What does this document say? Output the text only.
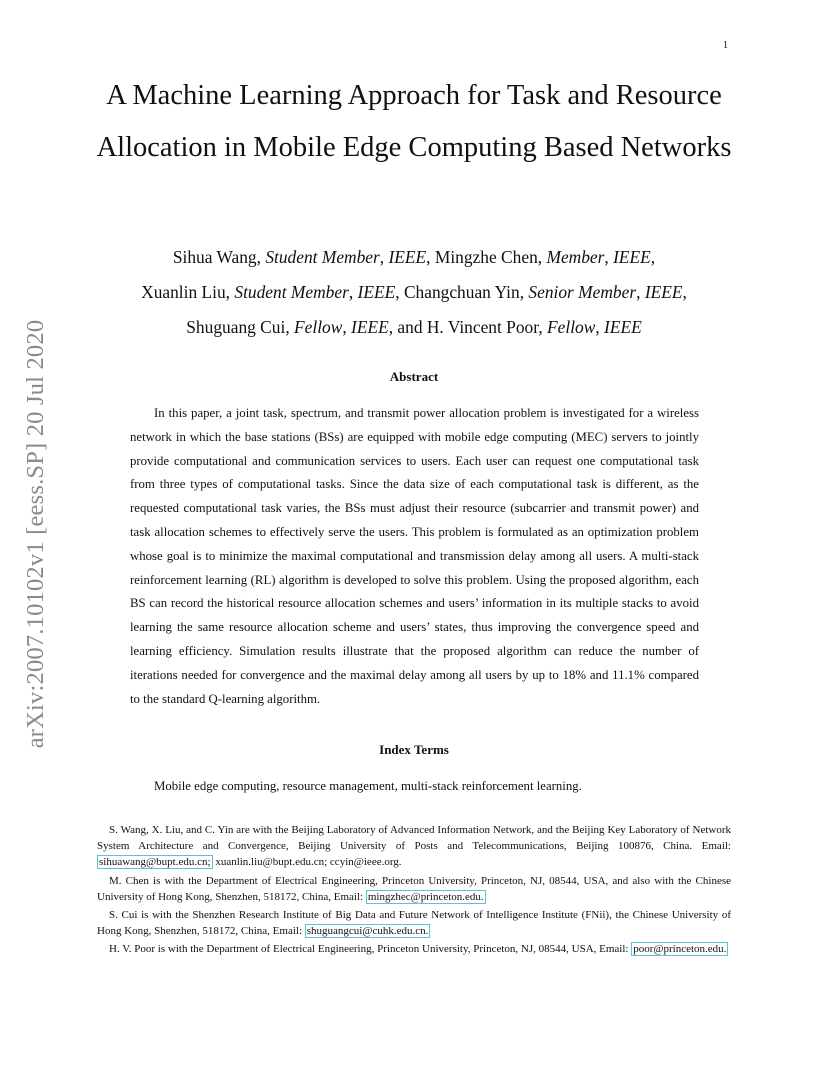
1
arXiv:2007.10102v1 [eess.SP] 20 Jul 2020
A Machine Learning Approach for Task and Resource Allocation in Mobile Edge Computing Based Networks
Sihua Wang, Student Member, IEEE, Mingzhe Chen, Member, IEEE,
Xuanlin Liu, Student Member, IEEE, Changchuan Yin, Senior Member, IEEE,
Shuguang Cui, Fellow, IEEE, and H. Vincent Poor, Fellow, IEEE
Abstract

In this paper, a joint task, spectrum, and transmit power allocation problem is investigated for a wireless network in which the base stations (BSs) are equipped with mobile edge computing (MEC) servers to jointly provide computational and communication services to users. Each user can request one computational task from three types of computational tasks. Since the data size of each computational task is different, as the requested computational task varies, the BSs must adjust their resource (subcarrier and transmit power) and task allocation schemes to effectively serve the users. This problem is formulated as an optimization problem whose goal is to minimize the maximal computational and transmission delay among all users. A multi-stack reinforcement learning (RL) algorithm is developed to solve this problem. Using the proposed algorithm, each BS can record the historical resource allocation schemes and users’ information in its multiple stacks to avoid learning the same resource allocation scheme and users’ states, thus improving the convergence speed and learning efficiency. Simulation results illustrate that the proposed algorithm can reduce the number of iterations needed for convergence and the maximal delay among all users by up to 18% and 11.1% compared to the standard Q-learning algorithm.

Index Terms

Mobile edge computing, resource management, multi-stack reinforcement learning.

S. Wang, X. Liu, and C. Yin are with the Beijing Laboratory of Advanced Information Network, and the Beijing Key Laboratory of Network System Architecture and Convergence, Beijing University of Posts and Telecommunications, Beijing 100876, China. Email: sihuawang@bupt.edu.cn; xuanlin.liu@bupt.edu.cn; ccyin@ieee.org.

M. Chen is with the Department of Electrical Engineering, Princeton University, Princeton, NJ, 08544, USA, and also with the Chinese University of Hong Kong, Shenzhen, 518172, China, Email: mingzhec@princeton.edu.

S. Cui is with the Shenzhen Research Institute of Big Data and Future Network of Intelligence Institute (FNii), the Chinese University of Hong Kong, Shenzhen, 518172, China, Email: shuguangcui@cuhk.edu.cn.

H. V. Poor is with the Department of Electrical Engineering, Princeton University, Princeton, NJ, 08544, USA, Email: poor@princeton.edu.
